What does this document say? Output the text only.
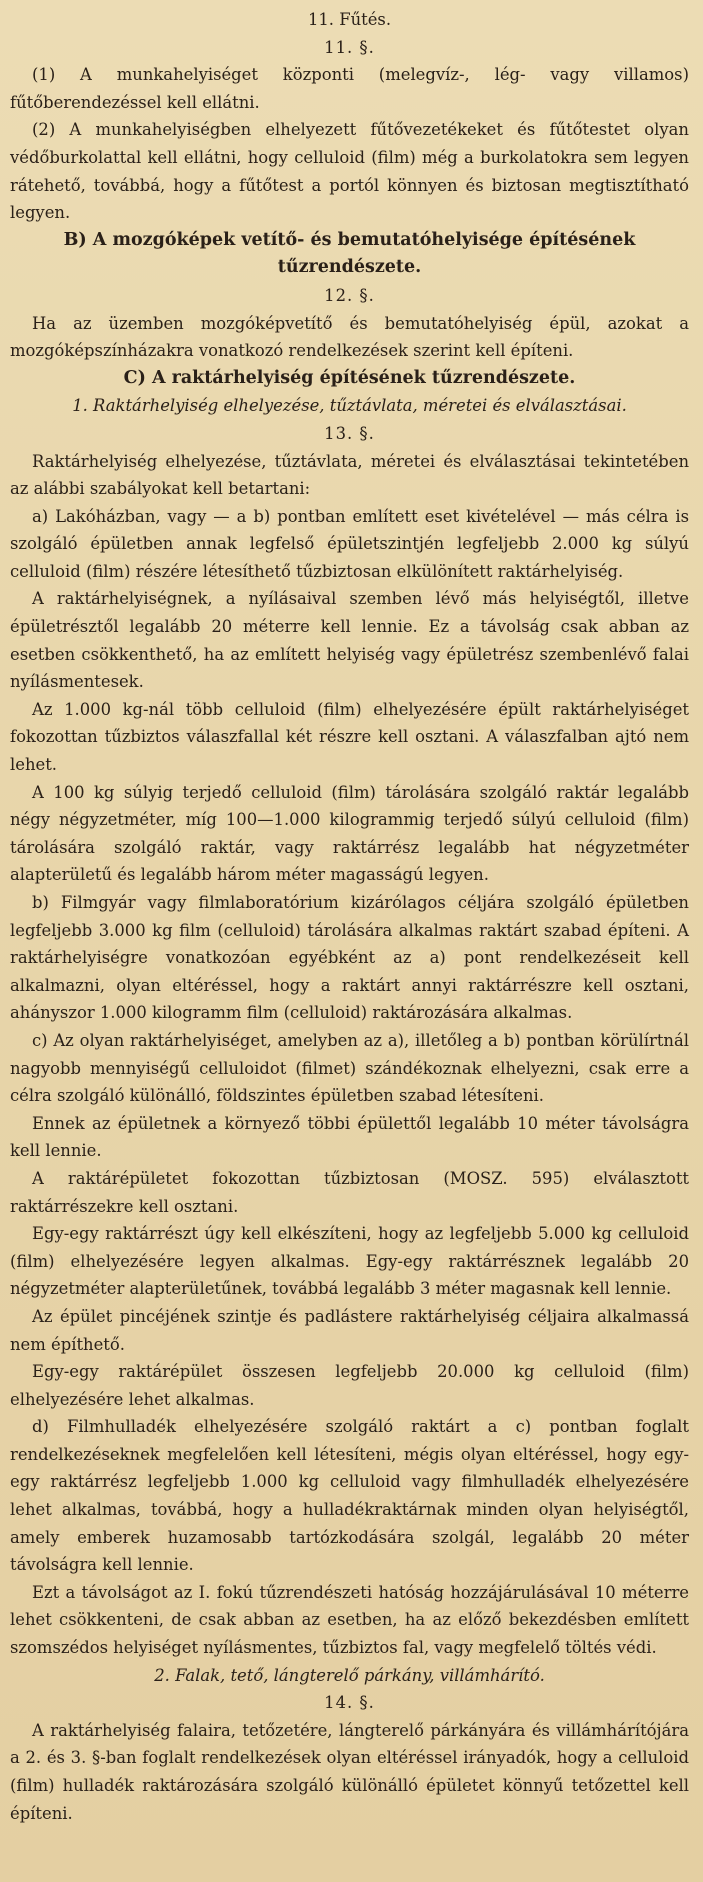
11. Fűtés.

11. §.

(1) A munkahelyiséget központi (melegvíz-, lég- vagy villamos) fűtőberendezéssel kell ellátni.

(2) A munkahelyiségben elhelyezett fűtővezetékeket és fűtőtestet olyan védőburkolattal kell ellátni, hogy celluloid (film) még a burkolatokra sem legyen rátehető, továbbá, hogy a fűtőtest a portól könnyen és biztosan megtisztítható legyen.

B) A mozgóképek vetítő- és bemutatóhelyisége építésének tűzrendészete.

12. §.

Ha az üzemben mozgóképvetítő és bemutatóhelyiség épül, azokat a mozgóképszínházakra vonatkozó rendelkezések szerint kell építeni.

C) A raktárhelyiség építésének tűzrendészete.

1. Raktárhelyiség elhelyezése, tűztávlata, méretei és elválasztásai.

13. §.

Raktárhelyiség elhelyezése, tűztávlata, méretei és elválasztásai tekintetében az alábbi szabályokat kell betartani:

a) Lakóházban, vagy — a b) pontban említett eset kivételével — más célra is szolgáló épületben annak legfelső épületszintjén legfeljebb 2.000 kg súlyú celluloid (film) részére létesíthető tűzbiztosan elkülönített raktárhelyiség.

A raktárhelyiségnek, a nyílásaival szemben lévő más helyiségtől, illetve épületrésztől legalább 20 méterre kell lennie. Ez a távolság csak abban az esetben csökkenthető, ha az említett helyiség vagy épületrész szembenlévő falai nyílásmentesek.

Az 1.000 kg-nál több celluloid (film) elhelyezésére épült raktárhelyiséget fokozottan tűzbiztos válaszfallal két részre kell osztani. A válaszfalban ajtó nem lehet.

A 100 kg súlyig terjedő celluloid (film) tárolására szolgáló raktár legalább négy négyzetméter, míg 100—1.000 kilogrammig terjedő súlyú celluloid (film) tárolására szolgáló raktár, vagy raktárrész legalább hat négyzetméter alapterületű és legalább három méter magasságú legyen.

b) Filmgyár vagy filmlaboratórium kizárólagos céljára szolgáló épületben legfeljebb 3.000 kg film (celluloid) tárolására alkalmas raktárt szabad építeni. A raktárhelyiségre vonatkozóan egyébként az a) pont rendelkezéseit kell alkalmazni, olyan eltéréssel, hogy a raktárt annyi raktárrészre kell osztani, ahányszor 1.000 kilogramm film (celluloid) raktározására alkalmas.

c) Az olyan raktárhelyiséget, amelyben az a), illetőleg a b) pontban körülírtnál nagyobb mennyiségű celluloidot (filmet) szándékoznak elhelyezni, csak erre a célra szolgáló különálló, földszintes épületben szabad létesíteni.

Ennek az épületnek a környező többi épülettől legalább 10 méter távolságra kell lennie.

A raktárépületet fokozottan tűzbiztosan (MOSZ. 595) elválasztott raktárrészekre kell osztani.

Egy-egy raktárrészt úgy kell elkészíteni, hogy az legfeljebb 5.000 kg celluloid (film) elhelyezésére legyen alkalmas. Egy-egy raktárrésznek legalább 20 négyzetméter alapterületűnek, továbbá legalább 3 méter magasnak kell lennie.

Az épület pincéjének szintje és padlástere raktárhelyiség céljaira alkalmassá nem építhető.

Egy-egy raktárépület összesen legfeljebb 20.000 kg celluloid (film) elhelyezésére lehet alkalmas.

d) Filmhulladék elhelyezésére szolgáló raktárt a c) pontban foglalt rendelkezéseknek megfelelően kell létesíteni, mégis olyan eltéréssel, hogy egy-egy raktárrész legfeljebb 1.000 kg celluloid vagy filmhulladék elhelyezésére lehet alkalmas, továbbá, hogy a hulladékraktárnak minden olyan helyiségtől, amely emberek huzamosabb tartózkodására szolgál, legalább 20 méter távolságra kell lennie.

Ezt a távolságot az I. fokú tűzrendészeti hatóság hozzájárulásával 10 méterre lehet csökkenteni, de csak abban az esetben, ha az előző bekezdésben említett szomszédos helyiséget nyílásmentes, tűzbiztos fal, vagy megfelelő töltés védi.

2. Falak, tető, lángterelő párkány, villámhárító.

14. §.

A raktárhelyiség falaira, tetőzetére, lángterelő párkányára és villámhárítójára a 2. és 3. §-ban foglalt rendelkezések olyan eltéréssel irányadók, hogy a celluloid (film) hulladék raktározására szolgáló különálló épületet könnyű tetőzettel kell építeni.
